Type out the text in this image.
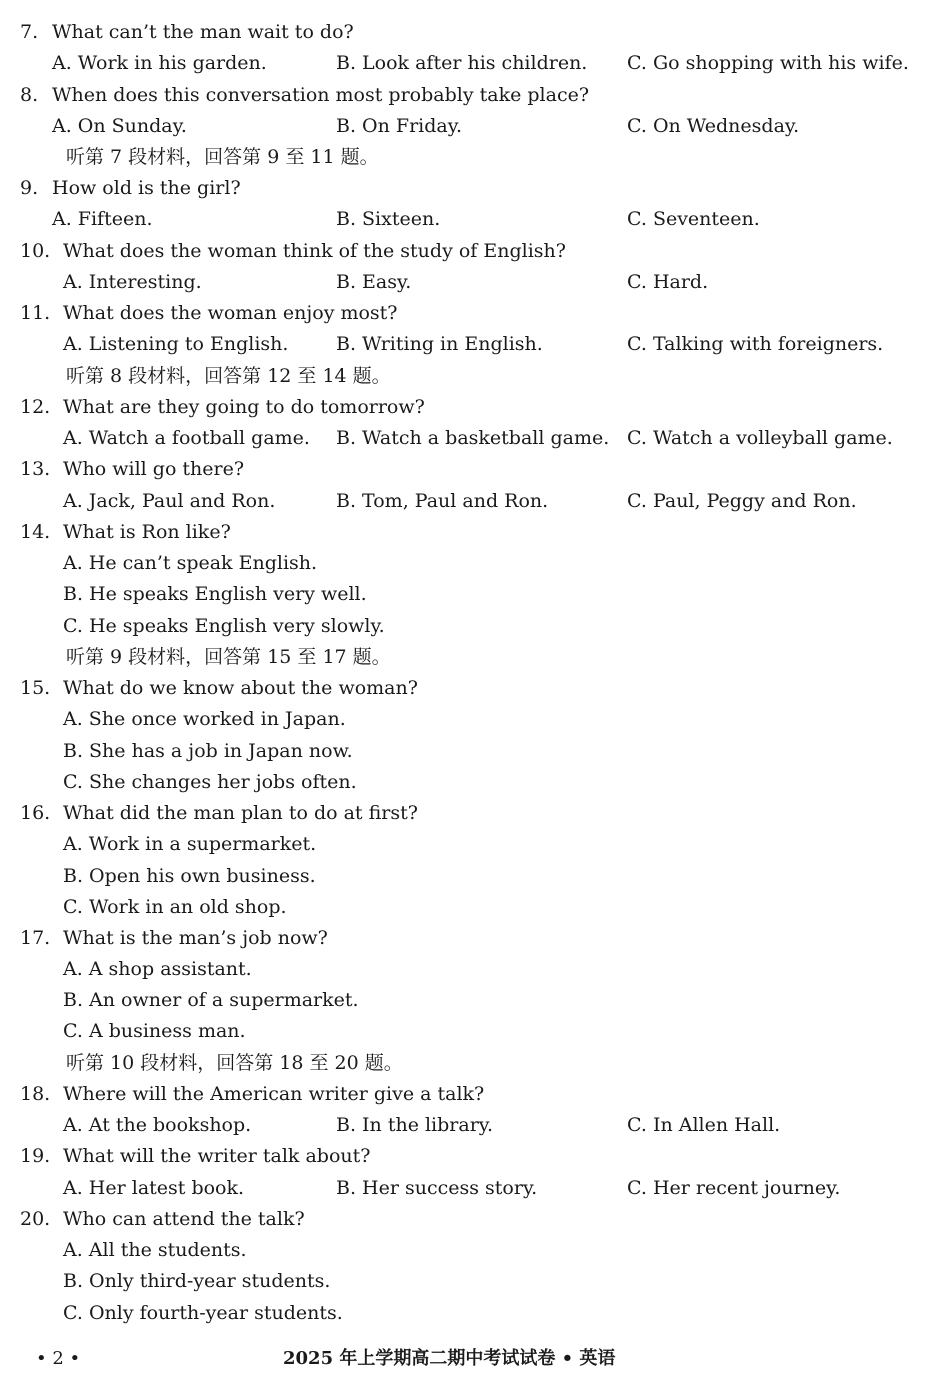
7. What can’t the man wait to do?
A. Work in his garden.	B. Look after his children. C. Go shopping with his wife.
8. When does this conversation most probably take place?
A. On Sunday.	B. On Friday.	C. On Wednesday.
听第 7 段材料，回答第 9 至 11 题。
9. How old is the girl?
A. Fifteen.	B. Sixteen.	C. Seventeen.
10. What does the woman think of the study of English?
A. Interesting.	B. Easy.	C. Hard.
11. What does the woman enjoy most?
A. Listening to English.	B. Writing in English.	C. Talking with foreigners.
听第 8 段材料，回答第 12 至 14 题。
12. What are they going to do tomorrow?
A. Watch a football game. B. Watch a basketball game. C. Watch a volleyball game.
13. Who will go there?
A. Jack, Paul and Ron.	B. Tom, Paul and Ron.	C. Paul, Peggy and Ron.
14. What is Ron like?
A. He can’t speak English.
B. He speaks English very well.
C. He speaks English very slowly.
听第 9 段材料，回答第 15 至 17 题。
15. What do we know about the woman?
A. She once worked in Japan.
B. She has a job in Japan now.
C. She changes her jobs often.
16. What did the man plan to do at first?
A. Work in a supermarket.
B. Open his own business.
C. Work in an old shop.
17. What is the man’s job now?
A. A shop assistant.
B. An owner of a supermarket.
C. A business man.
听第 10 段材料，回答第 18 至 20 题。
18. Where will the American writer give a talk?
A. At the bookshop.	B. In the library.	C. In Allen Hall.
19. What will the writer talk about?
A. Her latest book.	B. Her success story.	C. Her recent journey.
20. Who can attend the talk?
A. All the students.
B. Only third-year students.
C. Only fourth-year students.
• 2 •	2025 年上学期高二期中考试试卷 • 英语
